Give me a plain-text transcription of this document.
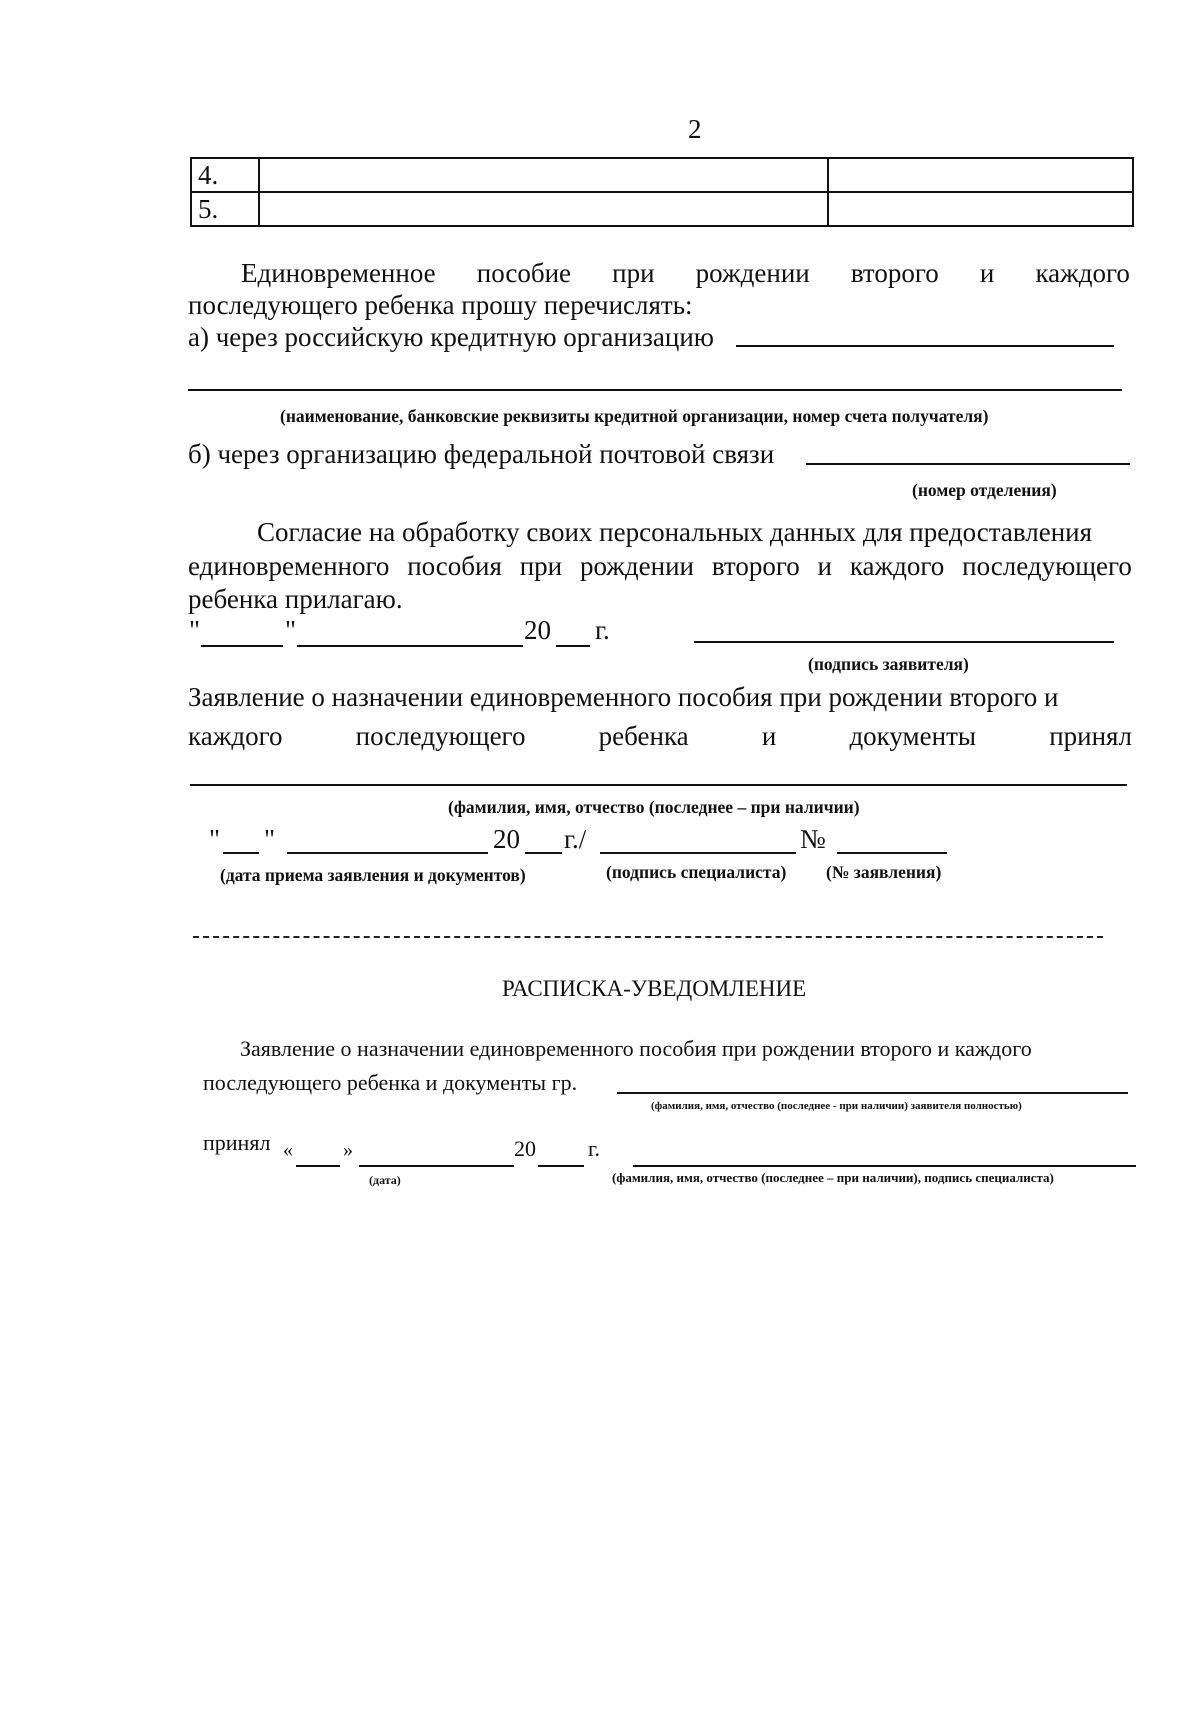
2
4.		
5.		
Единовременное пособие при рождении второго и каждого
последующего ребенка прошу перечислять:
а) через российскую кредитную организацию
(наименование, банковские реквизиты кредитной организации, номер счета получателя)
б) через организацию федеральной почтовой связи
(номер отделения)
Согласие на обработку своих персональных данных для предоставления
единовременного пособия при рождении второго и каждого последующего
ребенка прилагаю.
"	"	20 г.
(подпись заявителя)
Заявление о назначении единовременного пособия при рождении второго и
каждого	последующего	ребенка	и	документы	принял
(фамилия, имя, отчество (последнее – при наличии)
" "	20 г./	№
(дата приема заявления и документов)	(подпись специалиста) (№ заявления)
РАСПИСКА-УВЕДОМЛЕНИЕ
Заявление о назначении единовременного пособия при рождении второго и каждого
последующего ребенка и документы гр.
(фамилия, имя, отчество (последнее - при наличии) заявителя полностью)
принял «	»	20 г.
(дата)	(фамилия, имя, отчество (последнее – при наличии), подпись специалиста)
